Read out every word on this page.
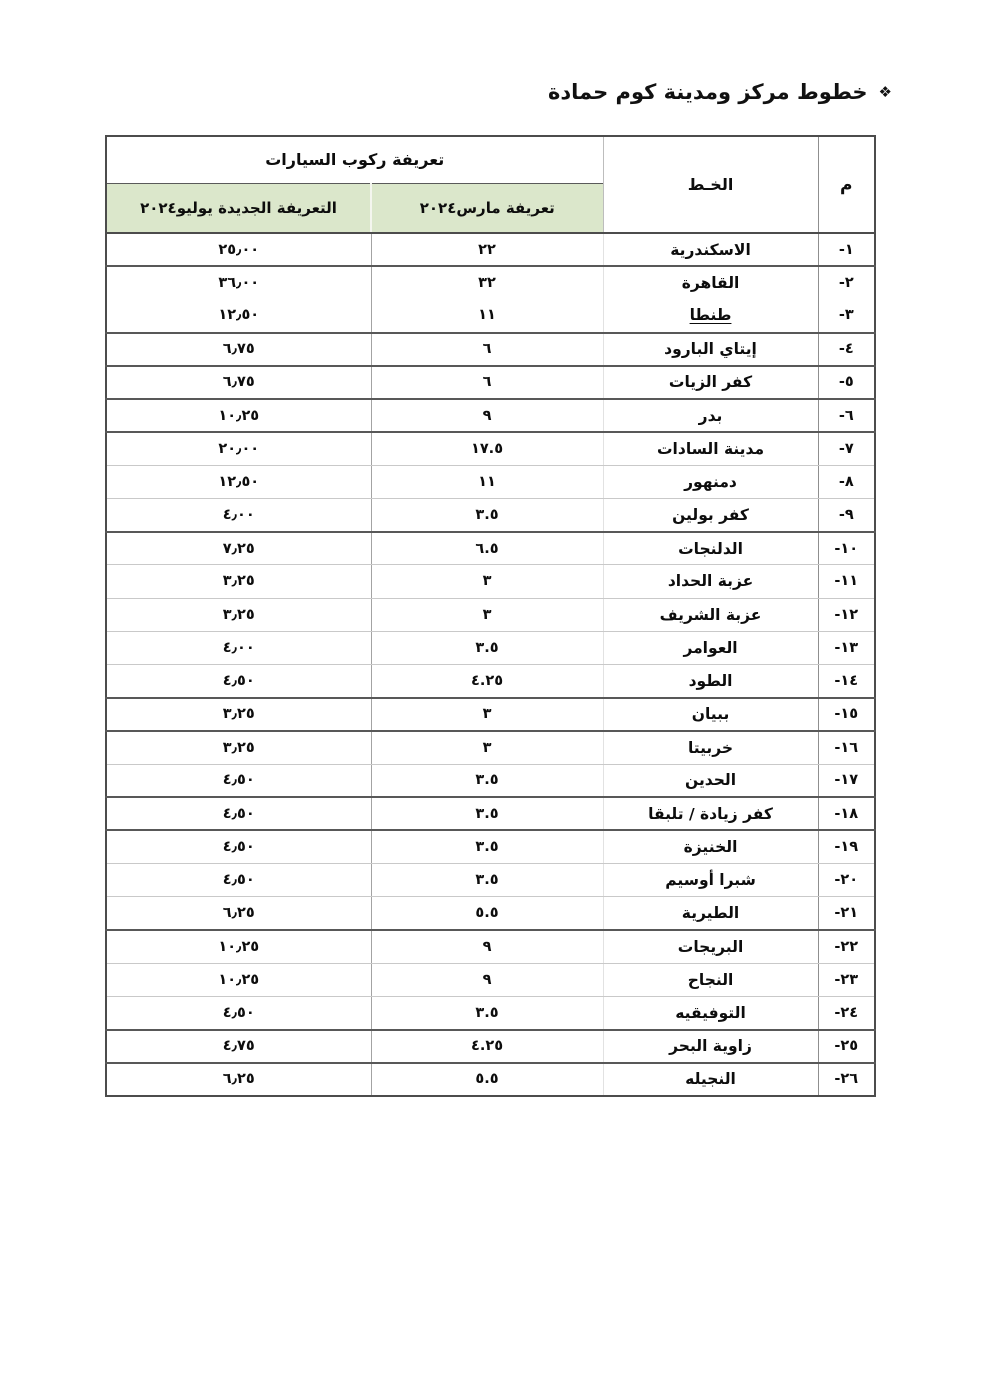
❖
خطوط مركز ومدينة كوم حمادة
م	الخـط	تعريفة ركوب السيارات	
		تعريفة مارس٢٠٢٤	التعريفة الجديدة يوليو٢٠٢٤
-١	الاسكندرية	٢٢	٢٥٫٠٠
-٢	القاهرة	٣٢	٣٦٫٠٠
-٣	طنطا	١١	١٢٫٥٠
-٤	إيتاي البارود	٦	٦٫٧٥
-٥	كفر الزيات	٦	٦٫٧٥
-٦	بدر	٩	١٠٫٢٥
-٧	مدينة السادات	١٧.٥	٢٠٫٠٠
-٨	دمنهور	١١	١٢٫٥٠
-٩	كفر بولين	٣.٥	٤٫٠٠
-١٠	الدلنجات	٦.٥	٧٫٢٥
-١١	عزبة الحداد	٣	٣٫٢٥
-١٢	عزبة الشريف	٣	٣٫٢٥
-١٣	العوامر	٣.٥	٤٫٠٠
-١٤	الطود	٤.٢٥	٤٫٥٠
-١٥	ببيان	٣	٣٫٢٥
-١٦	خربيتا	٣	٣٫٢٥
-١٧	الحدين	٣.٥	٤٫٥٠
-١٨	كفر زيادة / تلبقا	٣.٥	٤٫٥٠
-١٩	الخنيزة	٣.٥	٤٫٥٠
-٢٠	شبرا أوسيم	٣.٥	٤٫٥٠
-٢١	الطيرية	٥.٥	٦٫٢٥
-٢٢	البريجات	٩	١٠٫٢٥
-٢٣	النجاح	٩	١٠٫٢٥
-٢٤	التوفيقيه	٣.٥	٤٫٥٠
-٢٥	زاوية البحر	٤.٢٥	٤٫٧٥
-٢٦	النجيله	٥.٥	٦٫٢٥
